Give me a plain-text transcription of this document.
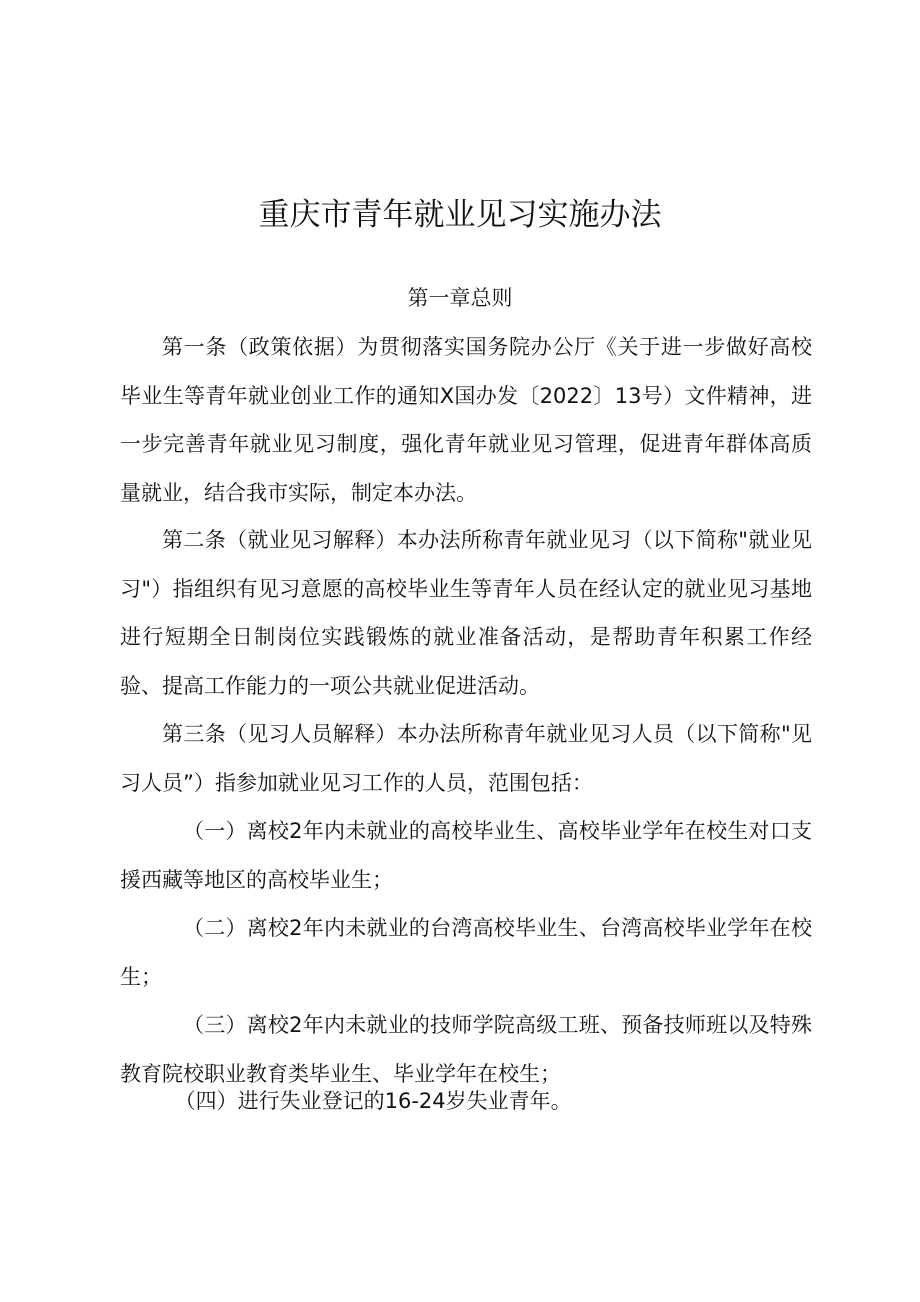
重庆市青年就业见习实施办法
第一章总则

第一条（政策依据）为贯彻落实国务院办公厅《关于进一步做好高校毕业生等青年就业创业工作的通知Ⅹ国办发〔2022〕13号）文件精神，进一步完善青年就业见习制度，强化青年就业见习管理，促进青年群体高质量就业，结合我市实际，制定本办法。

第二条（就业见习解释）本办法所称青年就业见习（以下简称"就业见习"）指组织有见习意愿的高校毕业生等青年人员在经认定的就业见习基地进行短期全日制岗位实践锻炼的就业准备活动，是帮助青年积累工作经验、提高工作能力的一项公共就业促进活动。

第三条（见习人员解释）本办法所称青年就业见习人员（以下简称"见习人员”）指参加就业见习工作的人员，范围包括：

（一）离校2年内未就业的高校毕业生、高校毕业学年在校生对口支援西藏等地区的高校毕业生；

（二）离校2年内未就业的台湾高校毕业生、台湾高校毕业学年在校生；

（三）离校2年内未就业的技师学院高级工班、预备技师班以及特殊教育院校职业教育类毕业生、毕业学年在校生；

（四）进行失业登记的16-24岁失业青年。
